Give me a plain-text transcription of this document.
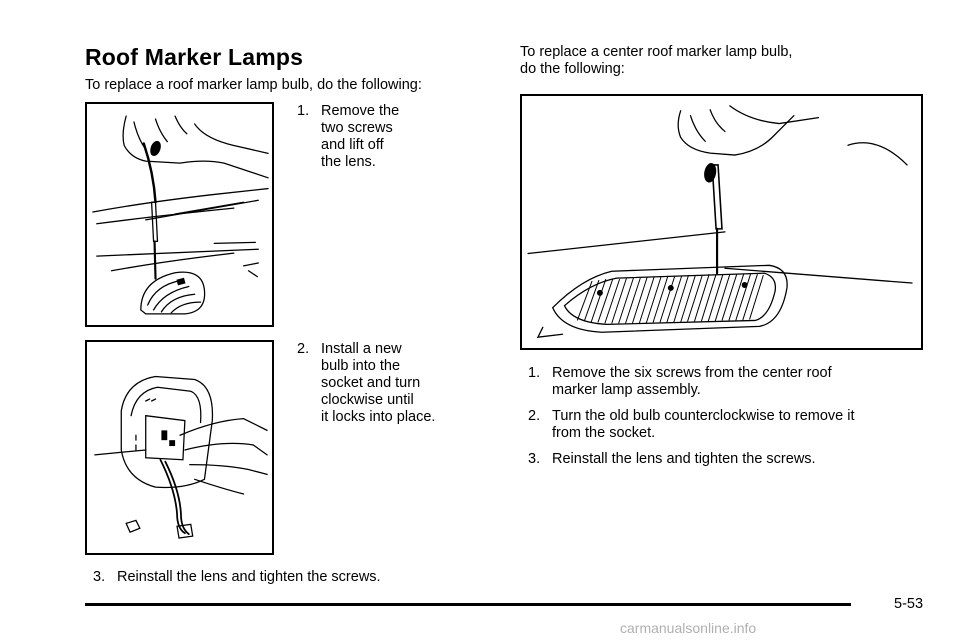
Roof Marker Lamps
To replace a roof marker lamp bulb, do the following:
1. Remove the
two screws
and lift off
the lens.
2. Install a new
bulb into the
socket and turn
clockwise until
it locks into place.
3. Reinstall the lens and tighten the screws.
To replace a center roof marker lamp bulb,
do the following:
1. Remove the six screws from the center roof
marker lamp assembly.
2. Turn the old bulb counterclockwise to remove it
from the socket.
3. Reinstall the lens and tighten the screws.
5-53
carmanualsonline.info
